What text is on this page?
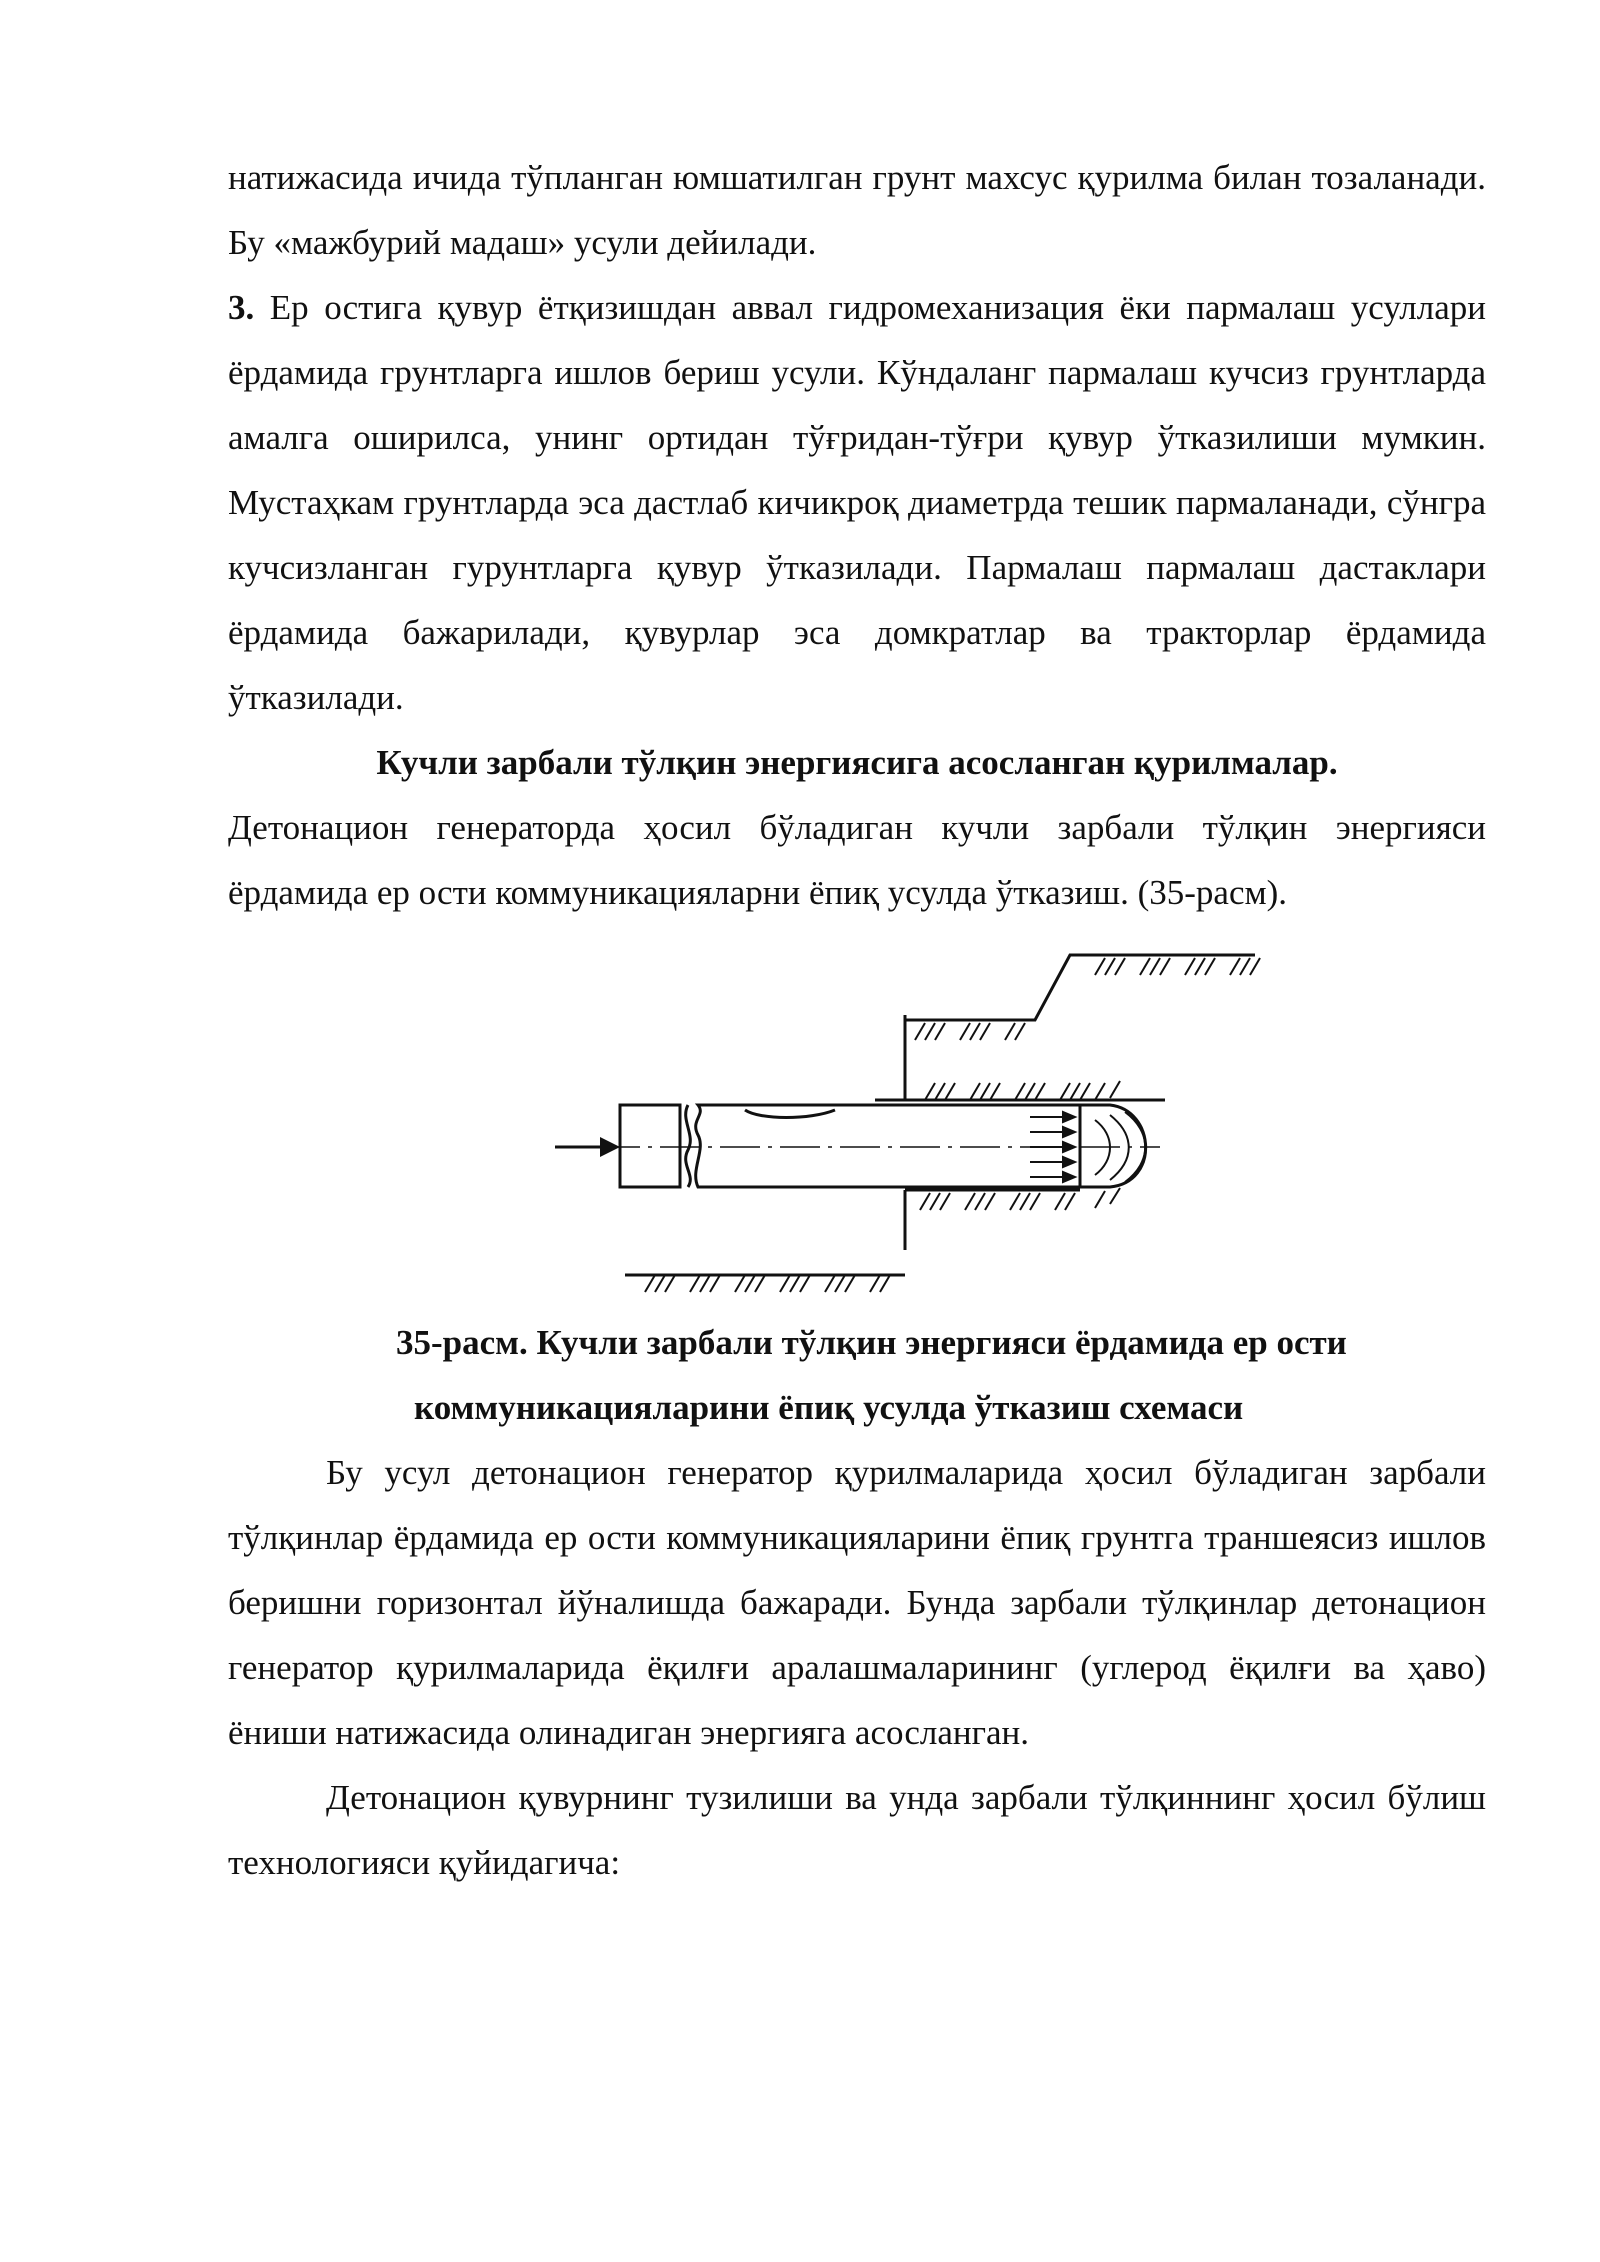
натижасида ичида тўпланган юмшатилган грунт махсус қурилма билан тозаланади. Бу «мажбурий мадаш» усули дейилади.

3. Ер остига қувур ётқизишдан аввал гидромеханизация ёки пармалаш усуллари ёрдамида грунтларга ишлов бериш усули. Кўндаланг пармалаш кучсиз грунтларда амалга оширилса, унинг ортидан тўғридан-тўғри қувур ўтказилиши мумкин. Мустаҳкам грунтларда эса дастлаб кичикроқ диаметрда тешик пармаланади, сўнгра кучсизланган гурунтларга қувур ўтказилади. Пармалаш пармалаш дастаклари ёрдамида бажарилади, қувурлар эса домкратлар ва тракторлар ёрдамида ўтказилади.

Кучли зарбали тўлқин энергиясига асосланган қурилмалар.

Детонацион генераторда ҳосил бўладиган кучли зарбали тўлқин энергияси ёрдамида ер ости коммуникацияларни ёпиқ усулда ўтказиш. (35-расм).

35-расм. Кучли зарбали тўлқин энергияси ёрдамида ер ости
коммуникацияларини ёпиқ усулда ўтказиш схемаси

Бу усул детонацион генератор қурилмаларида ҳосил бўладиган зарбали тўлқинлар ёрдамида ер ости коммуникацияларини ёпиқ грунтга траншеясиз ишлов беришни горизонтал йўналишда бажаради. Бунда зарбали тўлқинлар детонацион генератор қурилмаларида ёқилғи аралашмаларининг (углерод ёқилғи ва ҳаво) ёниши натижасида олинадиган энергияга асосланган.

Детонацион қувурнинг тузилиши ва унда зарбали тўлқиннинг ҳосил бўлиш технологияси қуйидагича:
